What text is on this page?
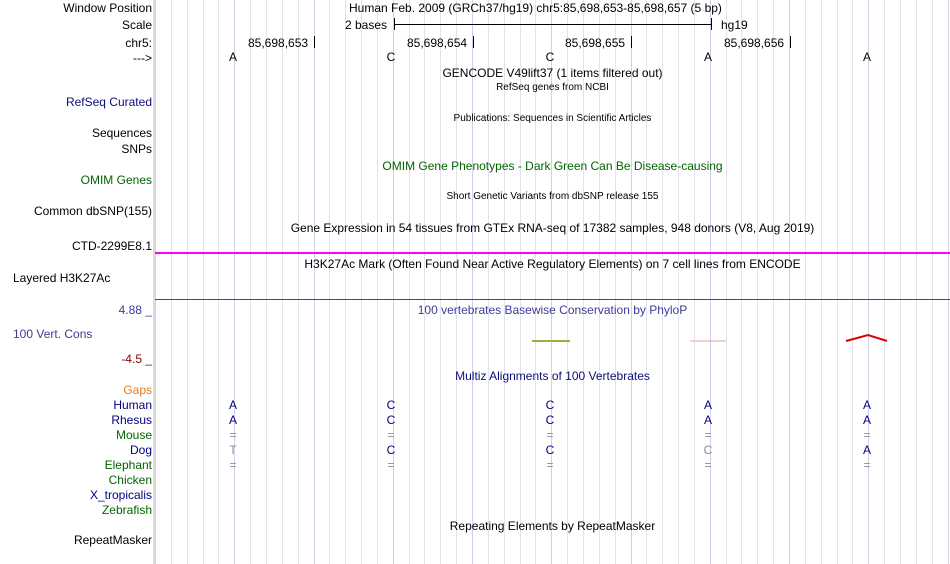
Window Position	Human Feb. 2009 (GRCh37/hg19) chr5:85,698,653-85,698,657 (5 bp)
Scale	2 bases	hg19
chr5:	85,698,653	85,698,654	85,698,655	85,698,656
--->	A	C	C	A	A
GENCODE V49lift37 (1 items filtered out)
RefSeq genes from NCBI
RefSeq Curated
Publications: Sequences in Scientific Articles
Sequences
SNPs
OMIM Gene Phenotypes - Dark Green Can Be Disease-causing
OMIM Genes
Short Genetic Variants from dbSNP release 155
Common dbSNP(155)
Gene Expression in 54 tissues from GTEx RNA-seq of 17382 samples, 948 donors (V8, Aug 2019)
CTD-2299E8.1
H3K27Ac Mark (Often Found Near Active Regulatory Elements) on 7 cell lines from ENCODE
Layered H3K27Ac
4.88 _	100 vertebrates Basewise Conservation by PhyloP
100 Vert. Cons
-4.5 _
Multiz Alignments of 100 Vertebrates
Gaps
Human	A	C	C	A	A
Rhesus	A	C	C	A	A
Mouse	=	=	=	=	=
Dog	T	C	C	C	A
Elephant	=	=	=	=	=
Chicken
X_tropicalis
Zebrafish
Repeating Elements by RepeatMasker
RepeatMasker
